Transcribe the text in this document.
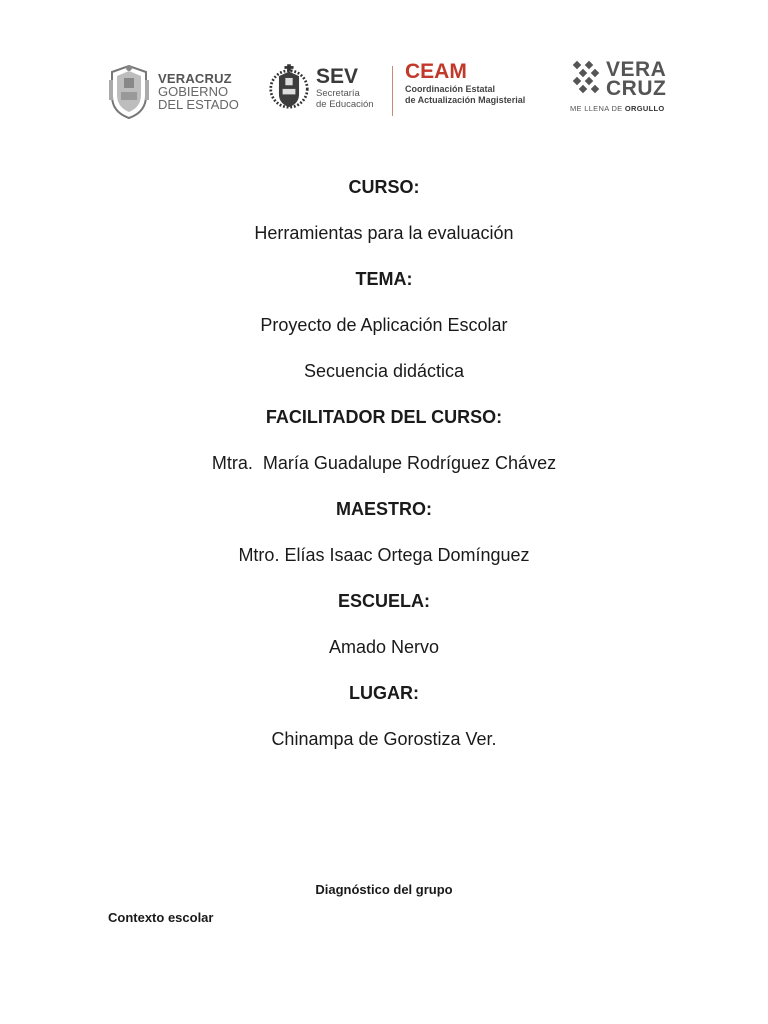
VERACRUZ
GOBIERNO
DEL ESTADO
SEV
Secretaría
de Educación
CEAM
Coordinación Estatal
de Actualización Magisterial
VERA
CRUZ
ME LLENA DE ORGULLO

CURSO:

Herramientas para la evaluación

TEMA:

Proyecto de Aplicación Escolar

Secuencia didáctica

FACILITADOR DEL CURSO:

Mtra.  María Guadalupe Rodríguez Chávez

MAESTRO:

Mtro. Elías Isaac Ortega Domínguez

ESCUELA:

Amado Nervo

LUGAR:

Chinampa de Gorostiza Ver.

Diagnóstico del grupo
Contexto escolar
